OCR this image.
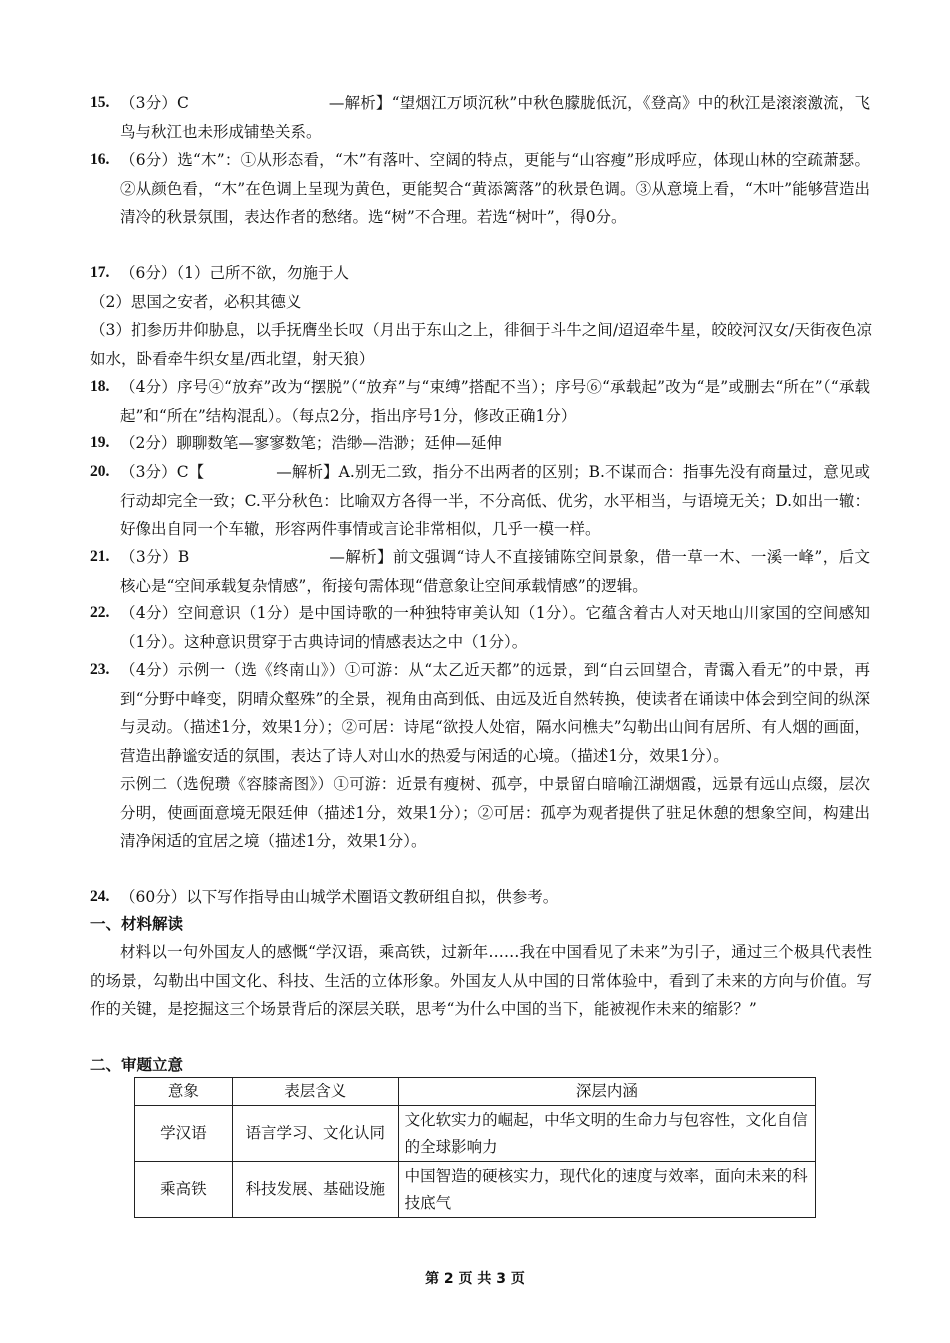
15. （3分）C	—解析】“望烟江万顷沉秋”中秋色朦胧低沉，《登高》中的秋江是滚滚激流，飞鸟与秋江也未形成铺垫关系。
16. （6分）选“木”：①从形态看，“木”有落叶、空阔的特点，更能与“山容瘦”形成呼应，体现山林的空疏萧瑟。②从颜色看，“木”在色调上呈现为黄色，更能契合“黄添篱落”的秋景色调。③从意境上看，“木叶”能够营造出清冷的秋景氛围，表达作者的愁绪。选“树”不合理。若选“树叶”，得0分。
17. （6分）（1）己所不欲，勿施于人
（2）思国之安者，必积其德义
（3）扪参历井仰胁息，以手抚膺坐长叹（月出于东山之上，徘徊于斗牛之间/迢迢牵牛星，皎皎河汉女/天街夜色凉如水，卧看牵牛织女星/西北望，射天狼）
18. （4分）序号④“放弃”改为“摆脱”（“放弃”与“束缚”搭配不当）；序号⑥“承载起”改为“是”或删去“所在”（“承载起”和“所在”结构混乱）。（每点2分，指出序号1分，修改正确1分）
19. （2分）聊聊数笔—寥寥数笔；浩缈—浩渺；廷伸—延伸
20. （3分）C【	—解析】A.别无二致，指分不出两者的区别；B.不谋而合：指事先没有商量过，意见或行动却完全一致；C.平分秋色：比喻双方各得一半，不分高低、优劣，水平相当，与语境无关；D.如出一辙：好像出自同一个车辙，形容两件事情或言论非常相似，几乎一模一样。
21. （3分）B	—解析】前文强调“诗人不直接铺陈空间景象，借一草一木、一溪一峰”，后文核心是“空间承载复杂情感”，衔接句需体现“借意象让空间承载情感”的逻辑。
22. （4分）空间意识（1分）是中国诗歌的一种独特审美认知（1分）。它蕴含着古人对天地山川家国的空间感知（1分）。这种意识贯穿于古典诗词的情感表达之中（1分）。
23. （4分）示例一（选《终南山》）①可游：从“太乙近天都”的远景，到“白云回望合，青霭入看无”的中景，再到“分野中峰变，阴晴众壑殊”的全景，视角由高到低、由远及近自然转换，使读者在诵读中体会到空间的纵深与灵动。（描述1分，效果1分）；②可居：诗尾“欲投人处宿，隔水问樵夫”勾勒出山间有居所、有人烟的画面，营造出静谧安适的氛围，表达了诗人对山水的热爱与闲适的心境。（描述1分，效果1分）。
示例二（选倪瓒《容膝斋图》）①可游：近景有瘦树、孤亭，中景留白暗喻江湖烟霞，远景有远山点缀，层次分明，使画面意境无限廷伸（描述1分，效果1分）；②可居：孤亭为观者提供了驻足休憩的想象空间，构建出清净闲适的宜居之境（描述1分，效果1分）。
24. （60分）以下写作指导由山城学术圈语文教研组自拟，供参考。
一、材料解读
材料以一句外国友人的感慨“学汉语，乘高铁，过新年……我在中国看见了未来”为引子，通过三个极具代表性的场景，勾勒出中国文化、科技、生活的立体形象。外国友人从中国的日常体验中，看到了未来的方向与价值。写作的关键，是挖掘这三个场景背后的深层关联，思考“为什么中国的当下，能被视作未来的缩影？”
二、审题立意
意象	表层含义	深层内涵
学汉语	语言学习、文化认同	文化软实力的崛起，中华文明的生命力与包容性，文化自信的全球影响力
乘高铁	科技发展、基础设施	中国智造的硬核实力，现代化的速度与效率，面向未来的科技底气
第 2 页 共 3 页
